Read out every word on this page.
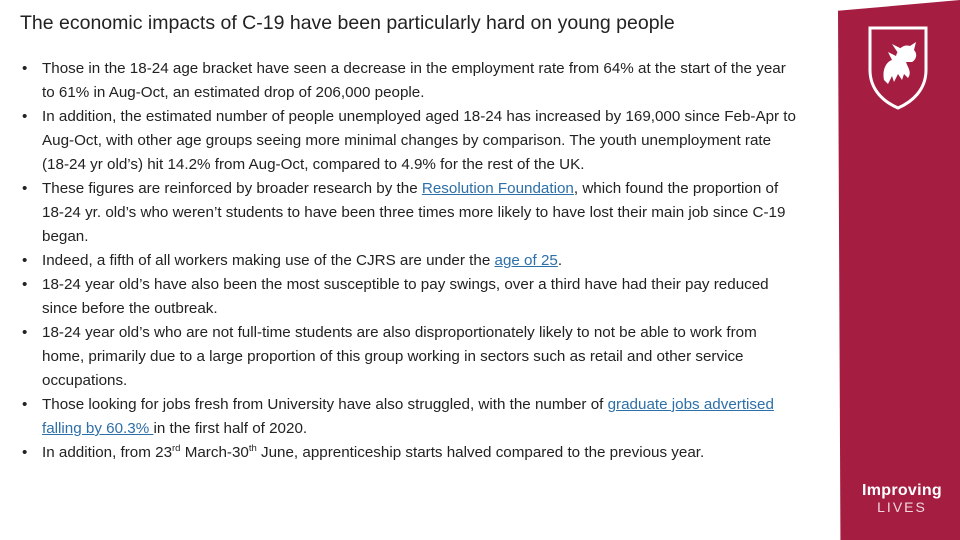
The economic impacts of C-19 have been particularly hard on young people
• Those in the 18-24 age bracket have seen a decrease in the employment rate from 64% at the start of the year to 61% in Aug-Oct, an estimated drop of 206,000 people.
• In addition, the estimated number of people unemployed aged 18-24 has increased by 169,000 since Feb-Apr to Aug-Oct, with other age groups seeing more minimal changes by comparison. The youth unemployment rate (18-24 yr old’s) hit 14.2% from Aug-Oct, compared to 4.9% for the rest of the UK.
• These figures are reinforced by broader research by the Resolution Foundation, which found the proportion of 18-24 yr. old’s who weren’t students to have been three times more likely to have lost their main job since C-19 began.
• Indeed, a fifth of all workers making use of the CJRS are under the age of 25.
• 18-24 year old’s have also been the most susceptible to pay swings, over a third have had their pay reduced since before the outbreak.
• 18-24 year old’s who are not full-time students are also disproportionately likely to not be able to work from home, primarily due to a large proportion of this group working in sectors such as retail and other service occupations.
• Those looking for jobs fresh from University have also struggled, with the number of graduate jobs advertised falling by 60.3% in the first half of 2020.
• In addition, from 23rd March-30th June, apprenticeship starts halved compared to the previous year.
Improving
LIVES
